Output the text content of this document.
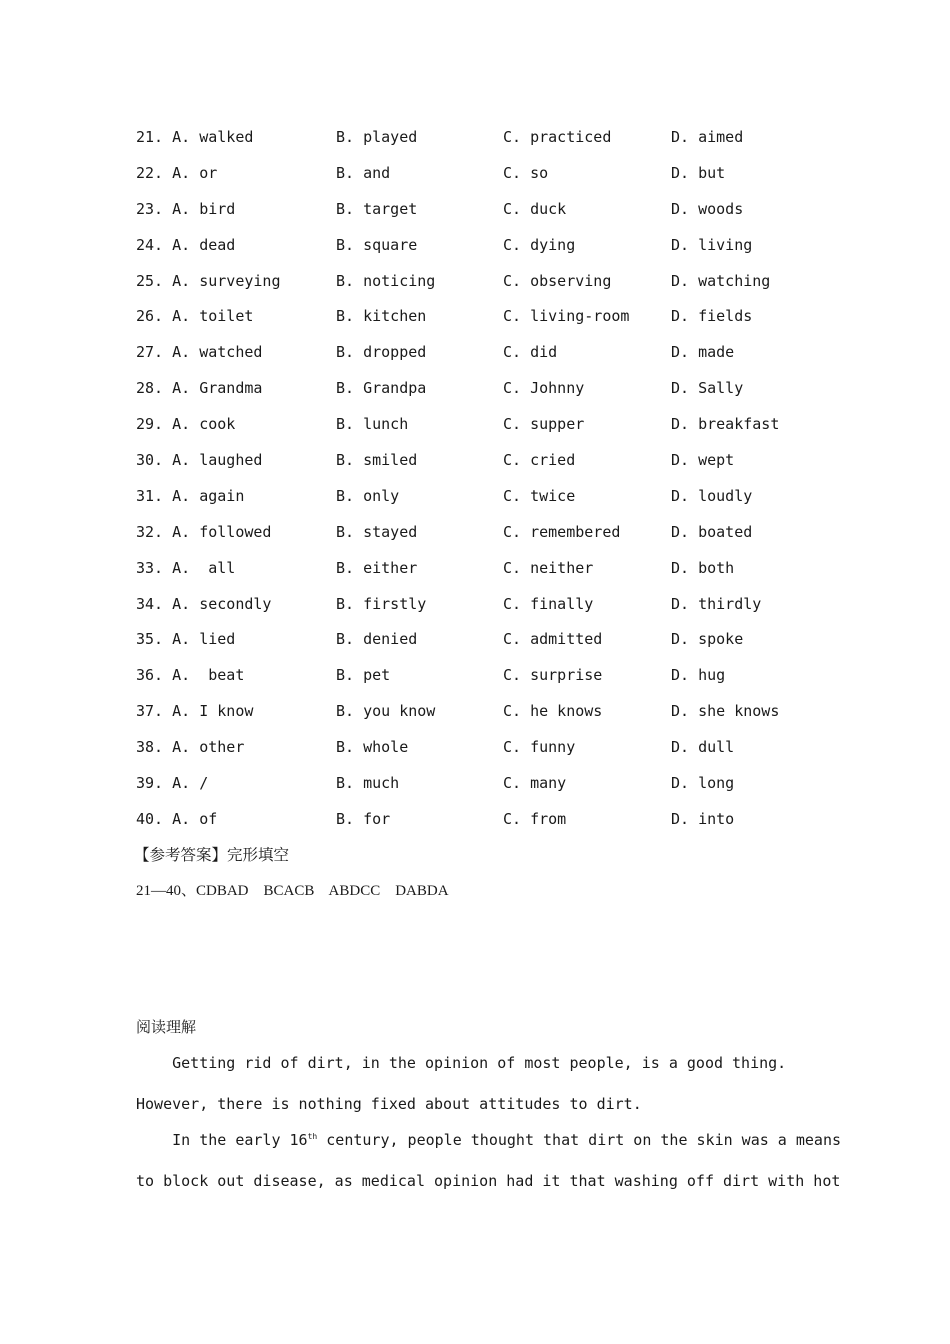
21. A. walked	B. played	C. practiced	D. aimed
22. A. or	B. and	C. so	D. but
23. A. bird	B. target	C. duck	D. woods
24. A. dead	B. square	C. dying	D. living
25. A. surveying	B. noticing	C. observing	D. watching
26. A. toilet	B. kitchen	C. living-room	D. fields
27. A. watched	B. dropped	C. did	D. made
28. A. Grandma	B. Grandpa	C. Johnny	D. Sally
29. A. cook	B. lunch	C. supper	D. breakfast
30. A. laughed	B. smiled	C. cried	D. wept
31. A. again	B. only	C. twice	D. loudly
32. A. followed	B. stayed	C. remembered	D. boated
33. A.  all	B. either	C. neither	D. both
34. A. secondly	B. firstly	C. finally	D. thirdly
35. A. lied	B. denied	C. admitted	D. spoke
36. A.  beat	B. pet	C. surprise	D. hug
37. A. I know	B. you know	C. he knows	D. she knows
38. A. other	B. whole	C. funny	D. dull
39. A. /	B. much	C. many	D. long
40. A. of	B. for	C. from	D. into
【参考答案】完形填空
21—40、CDBAD    BCACB    ABDCC    DABDA
阅读理解
Getting rid of dirt, in the opinion of most people, is a good thing.
However, there is nothing fixed about attitudes to dirt.
In the early 16th century, people thought that dirt on the skin was a means
to block out disease, as medical opinion had it that washing off dirt with hot
